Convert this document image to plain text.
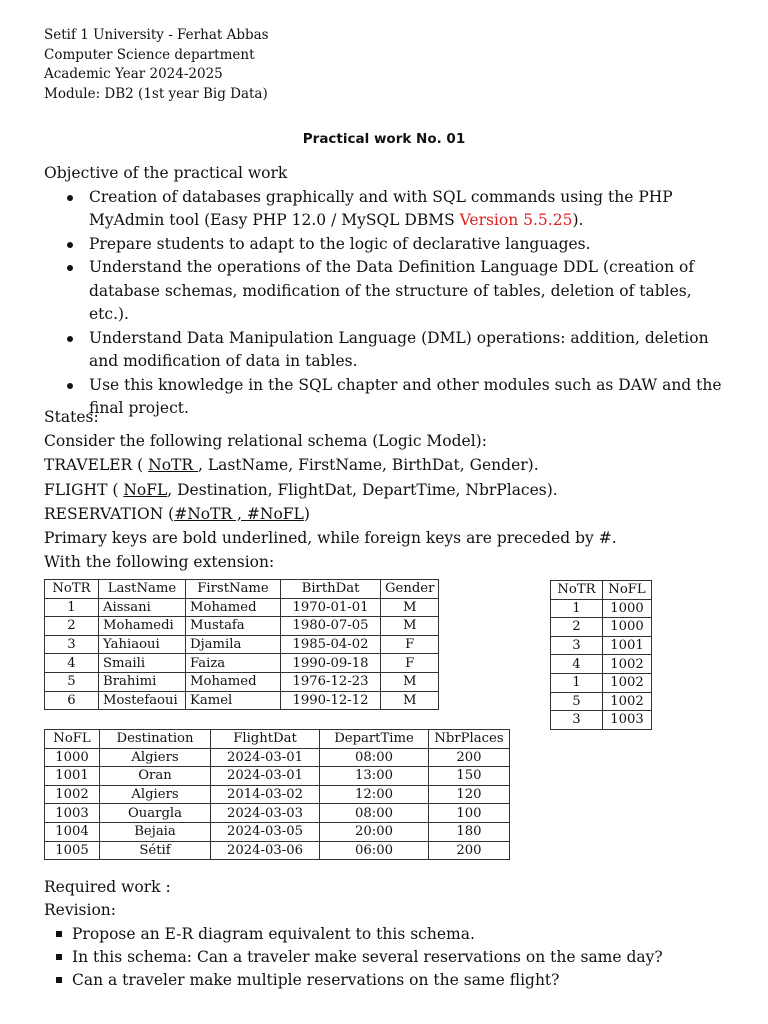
Setif 1 University - Ferhat Abbas
Computer Science department
Academic Year 2024-2025
Module: DB2 (1st year Big Data)
Practical work No. 01
Objective of the practical work
Creation of databases graphically and with SQL commands using the PHP MyAdmin tool (Easy PHP 12.0 / MySQL DBMS Version 5.5.25).
Prepare students to adapt to the logic of declarative languages.
Understand the operations of the Data Definition Language DDL (creation of database schemas, modification of the structure of tables, deletion of tables, etc.).
Understand Data Manipulation Language (DML) operations: addition, deletion and modification of data in tables.
Use this knowledge in the SQL chapter and other modules such as DAW and the final project.
States:
Consider the following relational schema (Logic Model):
TRAVELER ( NoTR , LastName, FirstName, BirthDat, Gender).
FLIGHT ( NoFL, Destination, FlightDat, DepartTime, NbrPlaces).
RESERVATION (#NoTR , #NoFL)
Primary keys are bold underlined, while foreign keys are preceded by #.
With the following extension:
NoTR	LastName	FirstName	BirthDat	Gender
1	Aissani	Mohamed	1970-01-01	M
2	Mohamedi	Mustafa	1980-07-05	M
3	Yahiaoui	Djamila	1985-04-02	F
4	Smaili	Faiza	1990-09-18	F
5	Brahimi	Mohamed	1976-12-23	M
6	Mostefaoui	Kamel	1990-12-12	M
NoTR	NoFL
1	1000
2	1000
3	1001
4	1002
1	1002
5	1002
3	1003
NoFL	Destination	FlightDat	DepartTime	NbrPlaces
1000	Algiers	2024-03-01	08:00	200
1001	Oran	2024-03-01	13:00	150
1002	Algiers	2014-03-02	12:00	120
1003	Ouargla	2024-03-03	08:00	100
1004	Bejaia	2024-03-05	20:00	180
1005	Sétif	2024-03-06	06:00	200
Required work :
Revision:
Propose an E-R diagram equivalent to this schema.
In this schema: Can a traveler make several reservations on the same day?
Can a traveler make multiple reservations on the same flight?
